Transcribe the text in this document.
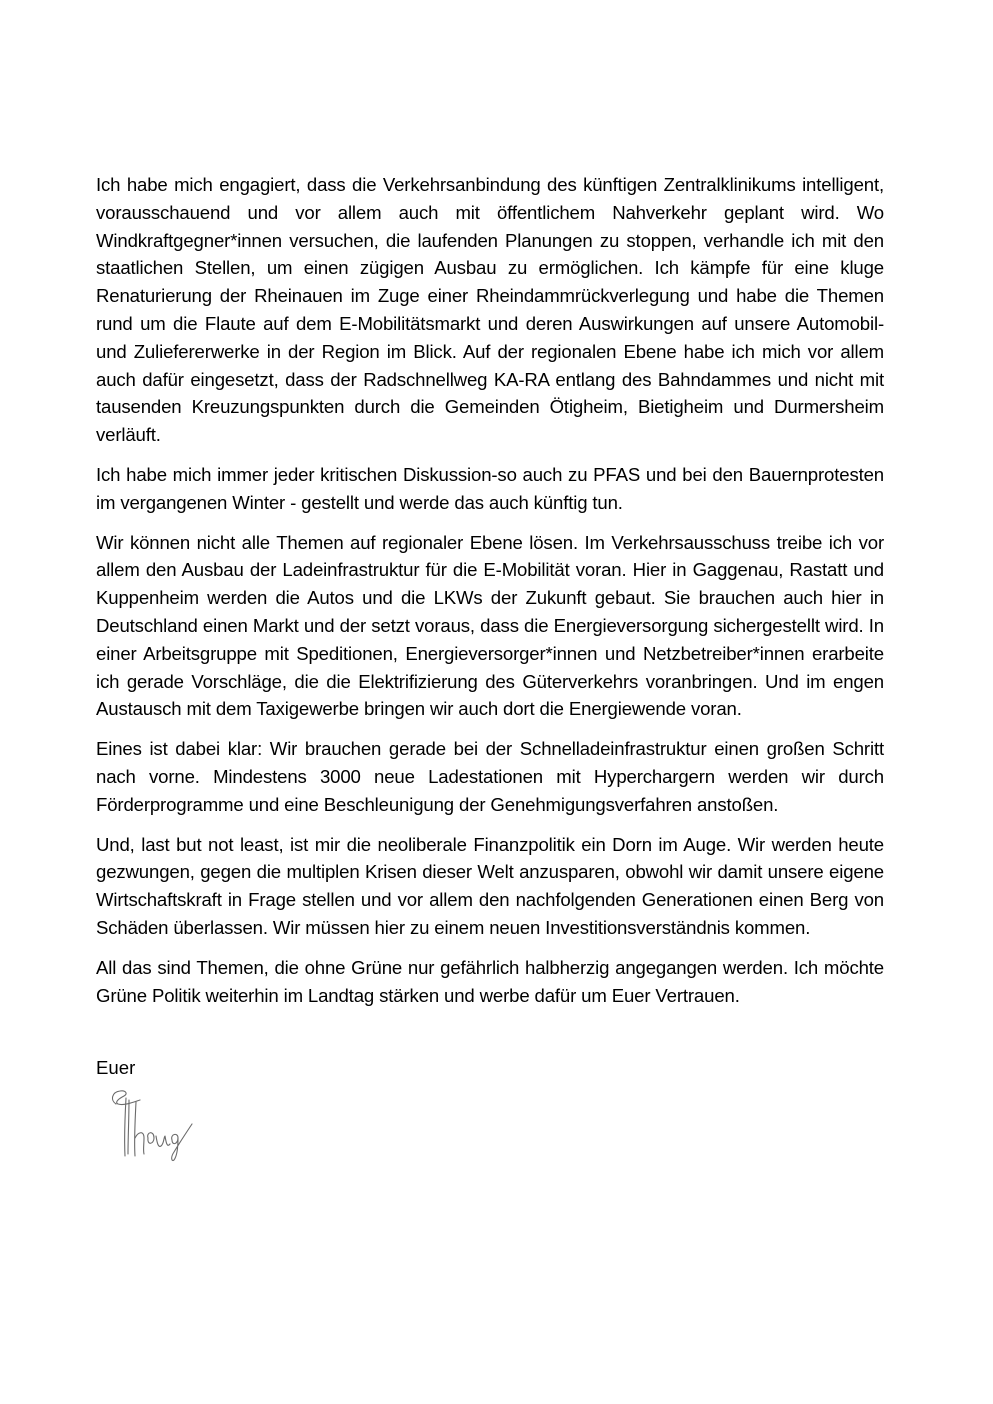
Ich habe mich engagiert, dass die Verkehrsanbindung des künftigen Zentralklinikums intelligent, vorausschauend und vor allem auch mit öffentlichem Nahverkehr geplant wird. Wo Windkraftgegner*innen versuchen, die laufenden Planungen zu stoppen, verhandle ich mit den staatlichen Stellen, um einen zügigen Ausbau zu ermöglichen. Ich kämpfe für eine kluge Renaturierung der Rheinauen im Zuge einer Rheindammrückverlegung und habe die Themen rund um die Flaute auf dem E-Mobilitätsmarkt und deren Auswirkungen auf unsere Automobil- und Zuliefererwerke in der Region im Blick. Auf der regionalen Ebene habe ich mich vor allem auch dafür eingesetzt, dass der Radschnellweg KA-RA entlang des Bahndammes und nicht mit tausenden Kreuzungspunkten durch die Gemeinden Ötigheim, Bietigheim und Durmersheim verläuft.

Ich habe mich immer jeder kritischen Diskussion-so auch zu PFAS und bei den Bauernprotesten im vergangenen Winter - gestellt und werde das auch künftig tun.

Wir können nicht alle Themen auf regionaler Ebene lösen. Im Verkehrsausschuss treibe ich vor allem den Ausbau der Ladeinfrastruktur für die E-Mobilität voran. Hier in Gaggenau, Rastatt und Kuppenheim werden die Autos und die LKWs der Zukunft gebaut. Sie brauchen auch hier in Deutschland einen Markt und der setzt voraus, dass die Energieversorgung sichergestellt wird. In einer Arbeitsgruppe mit Speditionen, Energieversorger*innen und Netzbetreiber*innen erarbeite ich gerade Vorschläge, die die Elektrifizierung des Güterverkehrs voranbringen. Und im engen Austausch mit dem Taxigewerbe bringen wir auch dort die Energiewende voran.

Eines ist dabei klar: Wir brauchen gerade bei der Schnelladeinfrastruktur einen großen Schritt nach vorne. Mindestens 3000 neue Ladestationen mit Hyperchargern werden wir durch Förderprogramme und eine Beschleunigung der Genehmigungsverfahren anstoßen.

Und, last but not least, ist mir die neoliberale Finanzpolitik ein Dorn im Auge. Wir werden heute gezwungen, gegen die multiplen Krisen dieser Welt anzusparen, obwohl wir damit unsere eigene Wirtschaftskraft in Frage stellen und vor allem den nachfolgenden Generationen einen Berg von Schäden überlassen. Wir müssen hier zu einem neuen Investitionsverständnis kommen.

All das sind Themen, die ohne Grüne nur gefährlich halbherzig angegangen werden. Ich möchte Grüne Politik weiterhin im Landtag stärken und werbe dafür um Euer Vertrauen.

Euer
